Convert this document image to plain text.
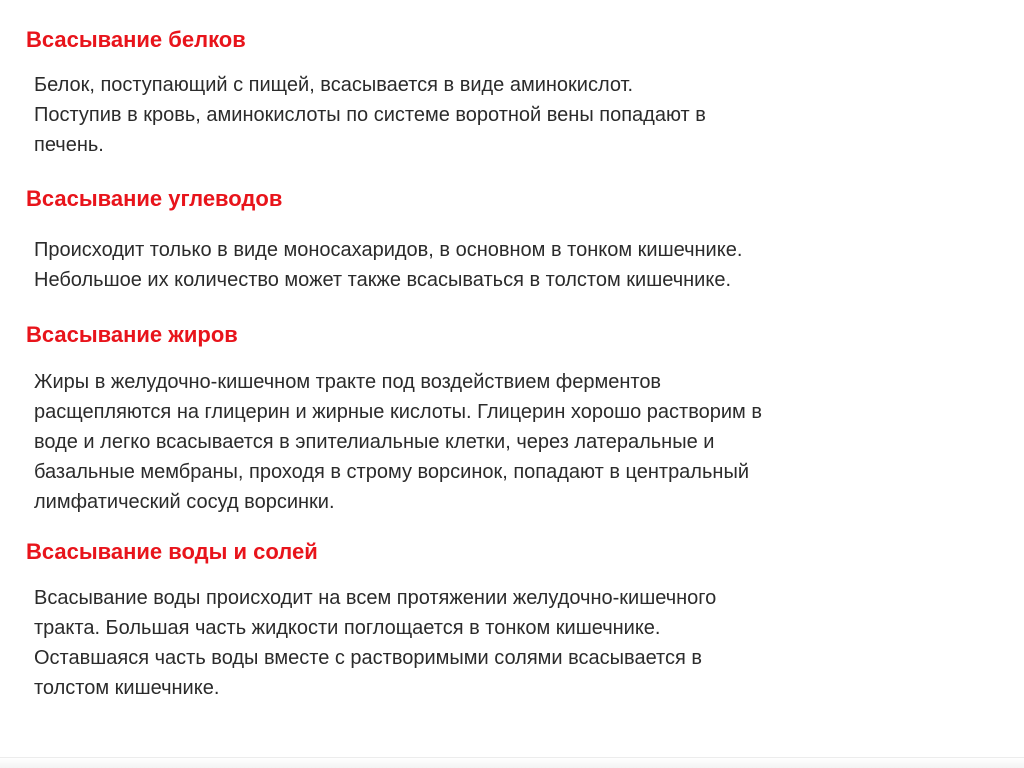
Всасывание белков
Белок, поступающий с пищей, всасывается в виде аминокислот.
Поступив в кровь, аминокислоты по системе воротной вены попадают в
печень.
Всасывание углеводов
Происходит только в виде моносахаридов, в основном в тонком кишечнике.
Небольшое их количество может также всасываться в толстом кишечнике.
Всасывание жиров
Жиры в желудочно-кишечном тракте под воздействием ферментов
расщепляются на глицерин и жирные кислоты. Глицерин хорошо растворим в
воде и легко всасывается в эпителиальные клетки, через латеральные и
базальные мембраны, проходя в строму ворсинок, попадают в центральный
лимфатический сосуд ворсинки.
Всасывание воды и солей
Всасывание воды происходит на всем протяжении желудочно-кишечного
тракта. Большая часть жидкости поглощается в тонком кишечнике.
Оставшаяся часть воды вместе с растворимыми солями всасывается в
толстом кишечнике.
